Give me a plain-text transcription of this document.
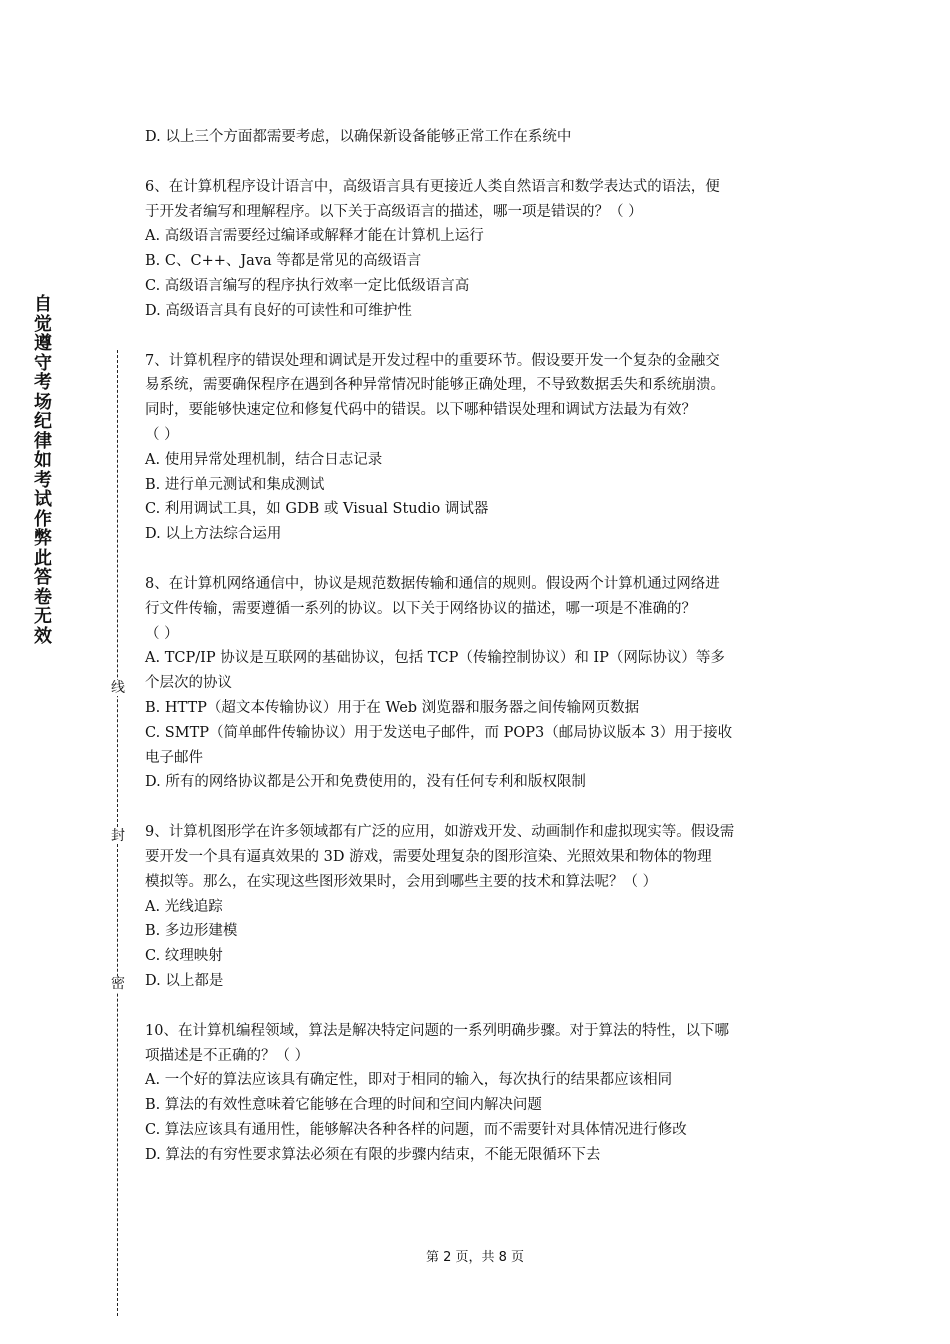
自觉遵守考场纪律如考试作弊此答卷无效
线
封
密
D. 以上三个方面都需要考虑，以确保新设备能够正常工作在系统中
6、在计算机程序设计语言中，高级语言具有更接近人类自然语言和数学表达式的语法，便
于开发者编写和理解程序。以下关于高级语言的描述，哪一项是错误的？（ ）
A. 高级语言需要经过编译或解释才能在计算机上运行
B. C、C++、Java 等都是常见的高级语言
C. 高级语言编写的程序执行效率一定比低级语言高
D. 高级语言具有良好的可读性和可维护性
7、计算机程序的错误处理和调试是开发过程中的重要环节。假设要开发一个复杂的金融交
易系统，需要确保程序在遇到各种异常情况时能够正确处理，不导致数据丢失和系统崩溃。
同时，要能够快速定位和修复代码中的错误。以下哪种错误处理和调试方法最为有效？
（ ）
A. 使用异常处理机制，结合日志记录
B. 进行单元测试和集成测试
C. 利用调试工具，如 GDB 或 Visual Studio 调试器
D. 以上方法综合运用
8、在计算机网络通信中，协议是规范数据传输和通信的规则。假设两个计算机通过网络进
行文件传输，需要遵循一系列的协议。以下关于网络协议的描述，哪一项是不准确的？
（ ）
A. TCP/IP 协议是互联网的基础协议，包括 TCP（传输控制协议）和 IP（网际协议）等多
个层次的协议
B. HTTP（超文本传输协议）用于在 Web 浏览器和服务器之间传输网页数据
C. SMTP（简单邮件传输协议）用于发送电子邮件，而 POP3（邮局协议版本 3）用于接收
电子邮件
D. 所有的网络协议都是公开和免费使用的，没有任何专利和版权限制
9、计算机图形学在许多领域都有广泛的应用，如游戏开发、动画制作和虚拟现实等。假设需
要开发一个具有逼真效果的 3D 游戏，需要处理复杂的图形渲染、光照效果和物体的物理
模拟等。那么，在实现这些图形效果时，会用到哪些主要的技术和算法呢？（ ）
A. 光线追踪
B. 多边形建模
C. 纹理映射
D. 以上都是
10、在计算机编程领域，算法是解决特定问题的一系列明确步骤。对于算法的特性，以下哪
项描述是不正确的？（ ）
A. 一个好的算法应该具有确定性，即对于相同的输入，每次执行的结果都应该相同
B. 算法的有效性意味着它能够在合理的时间和空间内解决问题
C. 算法应该具有通用性，能够解决各种各样的问题，而不需要针对具体情况进行修改
D. 算法的有穷性要求算法必须在有限的步骤内结束，不能无限循环下去
第 2 页，共 8 页
